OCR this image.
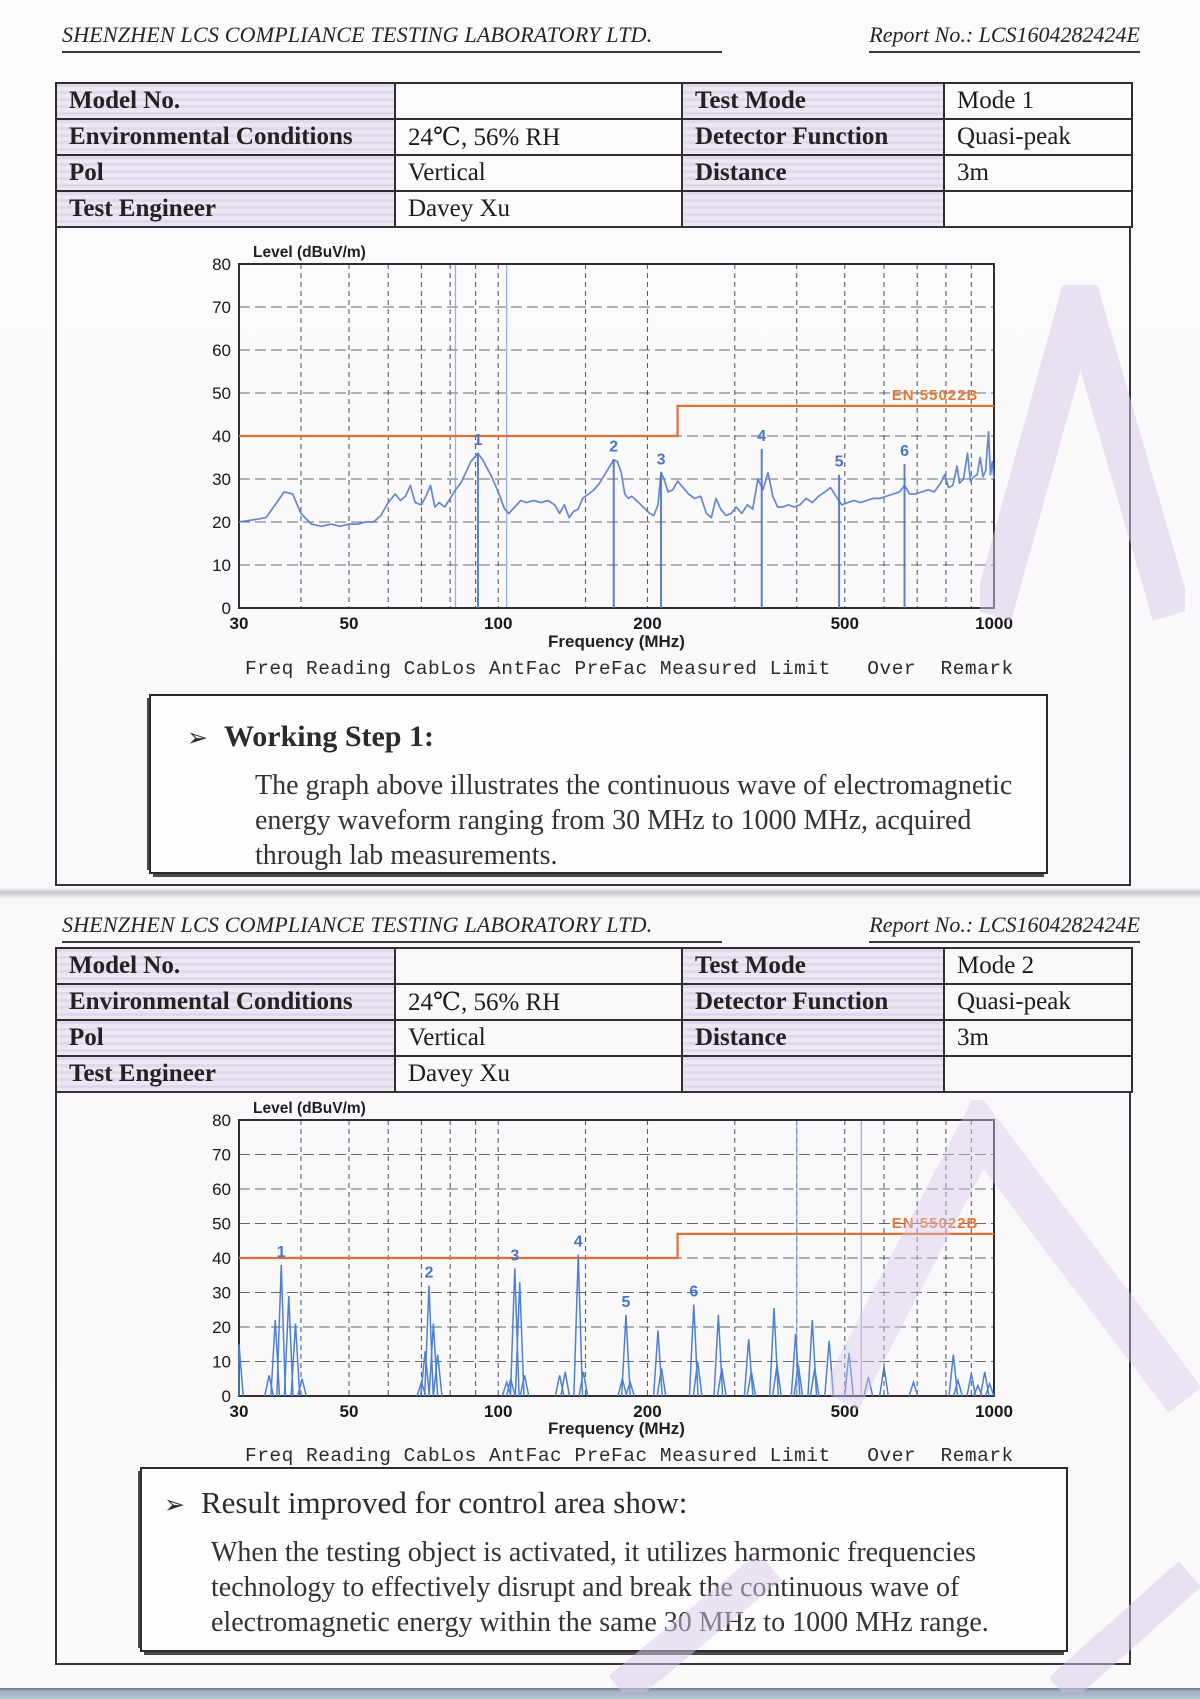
SHENZHEN LCS COMPLIANCE TESTING LABORATORY LTD.	Report No.: LCS1604282424E
Model No.		Test Mode	Mode 1
Environmental Conditions	24℃, 56% RH	Detector Function	Quasi-peak
Pol	Vertical	Distance	3m
Test Engineer	Davey Xu		
0
10
20
30
40
50
60
70
80
Level (dBuV/m)
30	50	100	200	500	1000
EN 55022B
1	2
3
4
5
6
Frequency (MHz)
Freq Reading CabLos AntFac PreFac Measured Limit   Over  Remark
➢ Working Step 1:
The graph above illustrates the continuous wave of electromagnetic
energy waveform ranging from 30 MHz to 1000 MHz, acquired
through lab measurements.
SHENZHEN LCS COMPLIANCE TESTING LABORATORY LTD.	Report No.: LCS1604282424E
Model No.		Test Mode	Mode 2
Environmental Conditions	24℃, 56% RH	Detector Function	Quasi-peak
Pol	Vertical	Distance	3m
Test Engineer	Davey Xu		
0
10
20
30
40
50
60
70
80
Level (dBuV/m)
30	50	100	200	500	1000
EN 55022B
1
2
3
4
5
6
Frequency (MHz)
Freq Reading CabLos AntFac PreFac Measured Limit   Over  Remark
➢ Result improved for control area show:
When the testing object is activated, it utilizes harmonic frequencies
technology to effectively disrupt and break the continuous wave of
electromagnetic energy within the same 30 MHz to 1000 MHz range.
